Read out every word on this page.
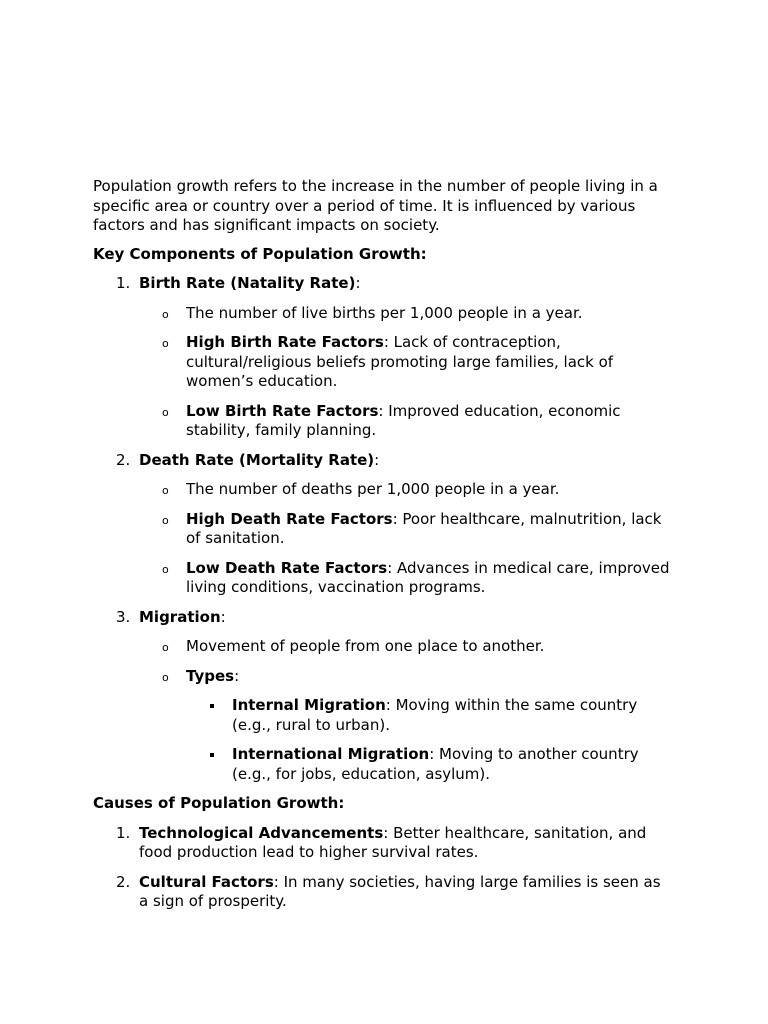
Population growth refers to the increase in the number of people living in a specific area or country over a period of time. It is influenced by various factors and has significant impacts on society.

Key Components of Population Growth:

1. Birth Rate (Natality Rate):
o The number of live births per 1,000 people in a year.
o High Birth Rate Factors: Lack of contraception, cultural/religious beliefs promoting large families, lack of women’s education.
o Low Birth Rate Factors: Improved education, economic stability, family planning.
2. Death Rate (Mortality Rate):
o The number of deaths per 1,000 people in a year.
o High Death Rate Factors: Poor healthcare, malnutrition, lack of sanitation.
o Low Death Rate Factors: Advances in medical care, improved living conditions, vaccination programs.
3. Migration:
o Movement of people from one place to another.
o Types:
Internal Migration: Moving within the same country (e.g., rural to urban).
International Migration: Moving to another country (e.g., for jobs, education, asylum).

Causes of Population Growth:

1. Technological Advancements: Better healthcare, sanitation, and food production lead to higher survival rates.
2. Cultural Factors: In many societies, having large families is seen as a sign of prosperity.
